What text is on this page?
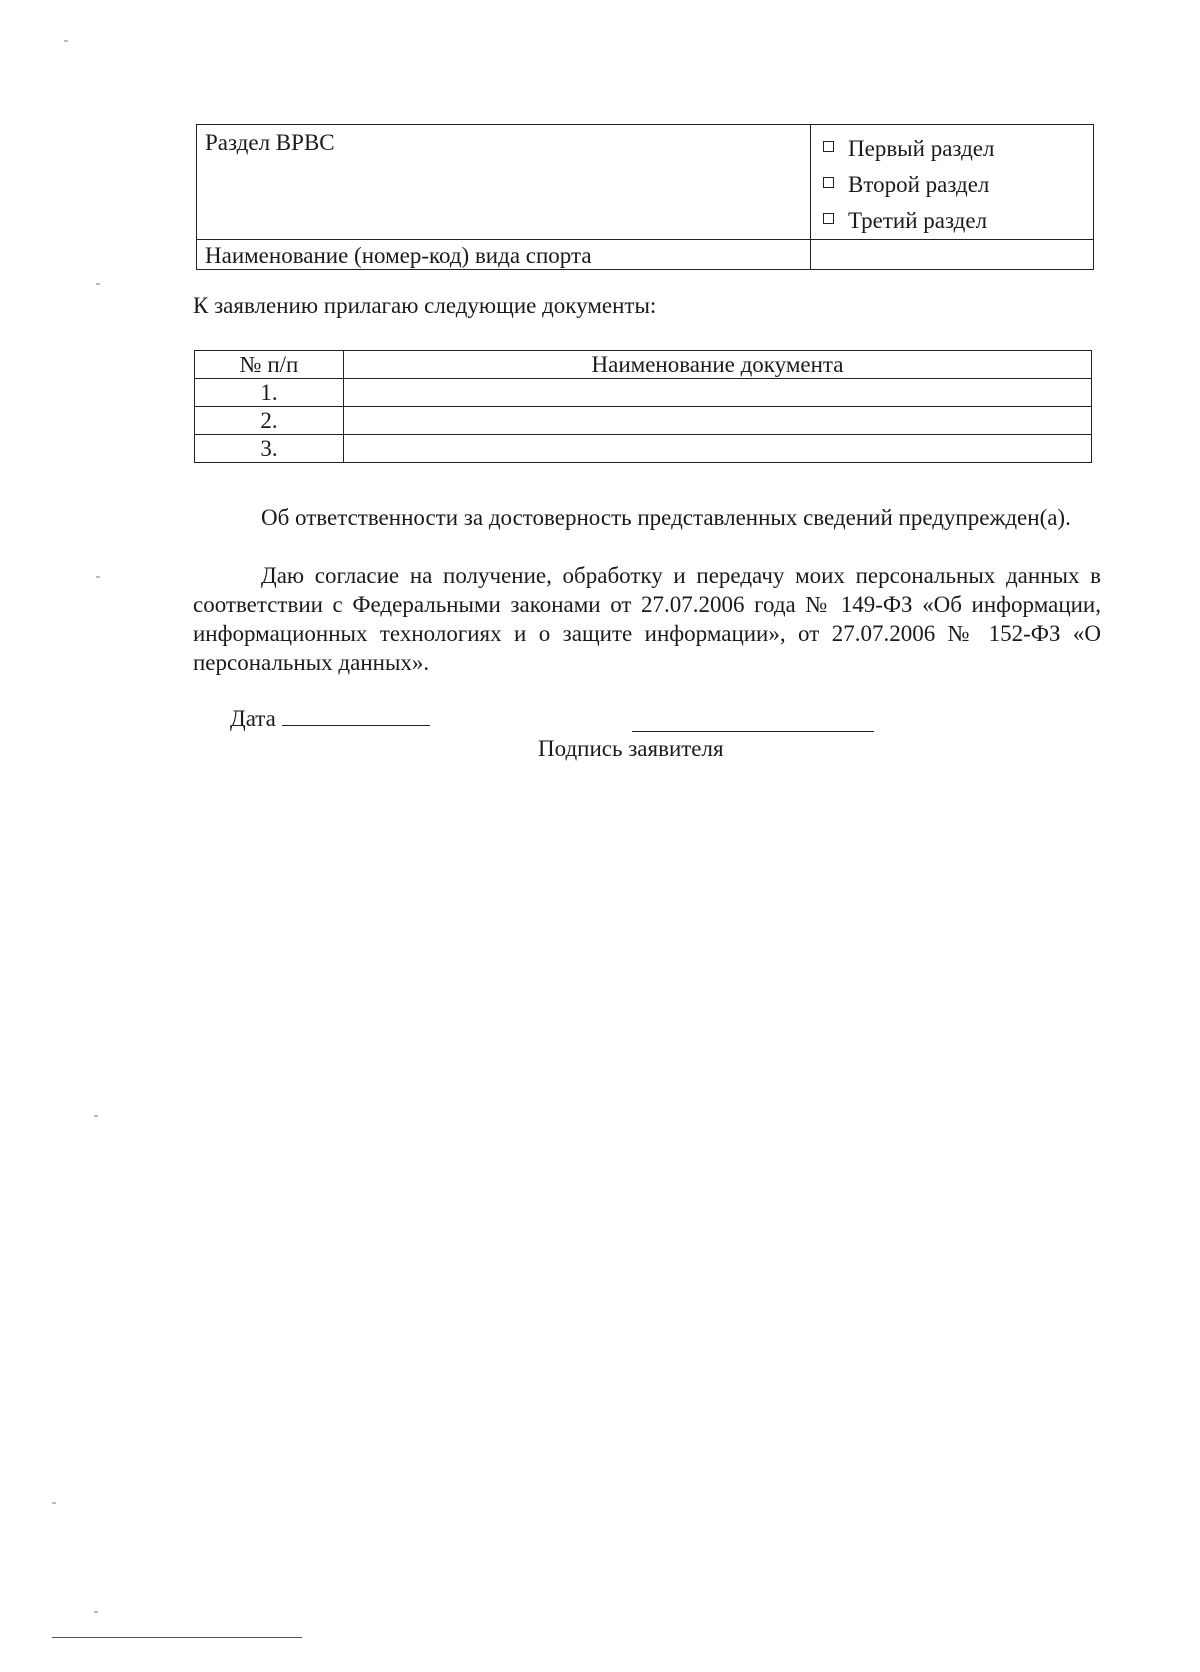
Раздел ВРВС	Первый раздел
Второй раздел
Третий раздел

Наименование (номер-код) вида спорта	
К заявлению прилагаю следующие документы:
№ п/п	Наименование документа
1.	
2.	
3.	

Об ответственности за достоверность представленных сведений предупрежден(а).

Даю согласие на получение, обработку и передачу моих персональных данных в соответствии с Федеральными законами от 27.07.2006 года № 149-ФЗ «Об информации, информационных технологиях и о защите информации», от 27.07.2006 № 152-ФЗ «О персональных данных».

Дата
Подпись заявителя
